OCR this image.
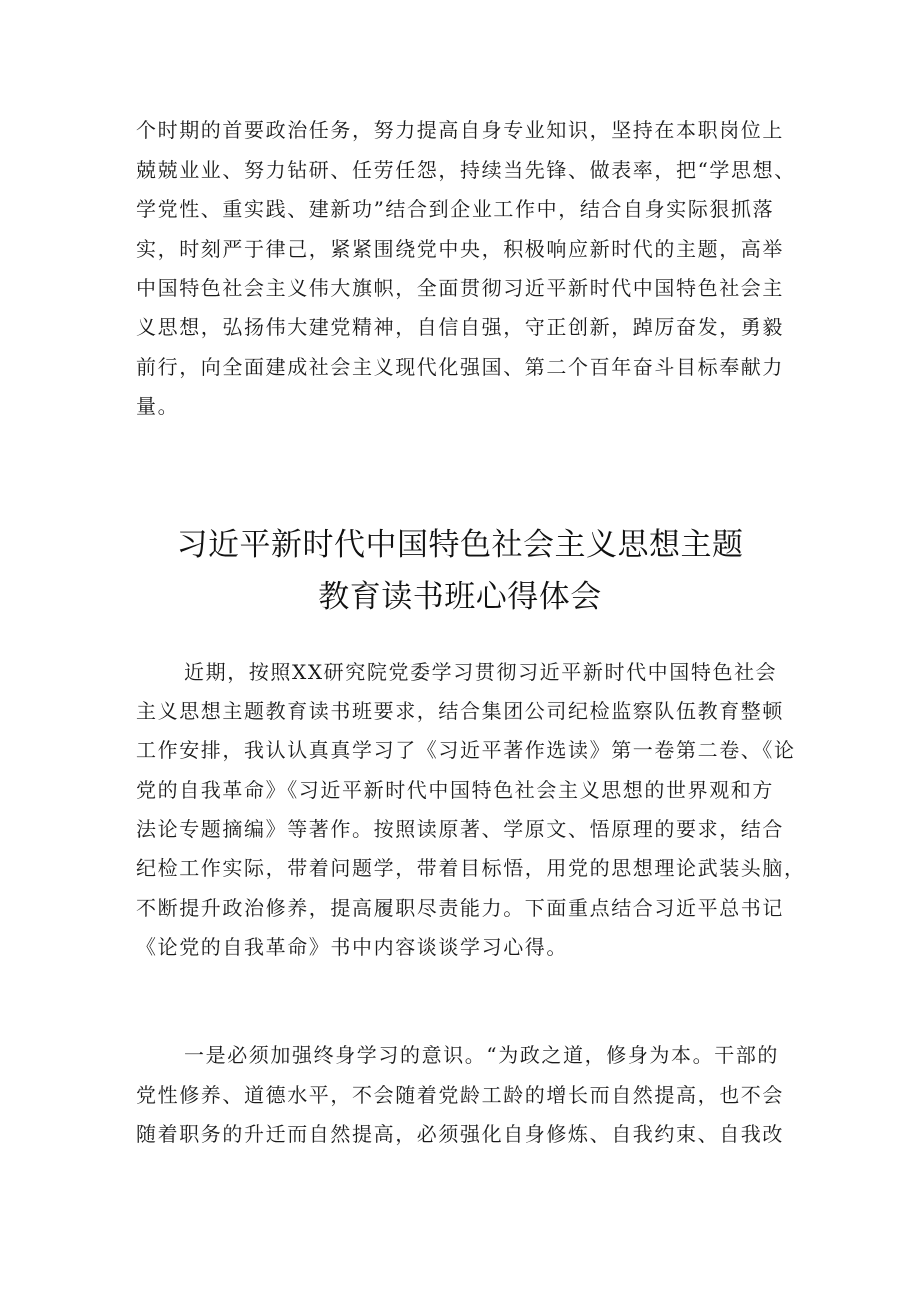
个时期的首要政治任务，努力提高自身专业知识，坚持在本职岗位上
兢兢业业、努力钻研、任劳任怨，持续当先锋、做表率，把“学思想、
学党性、重实践、建新功”结合到企业工作中，结合自身实际狠抓落
实，时刻严于律己，紧紧围绕党中央，积极响应新时代的主题，高举
中国特色社会主义伟大旗帜，全面贯彻习近平新时代中国特色社会主
义思想，弘扬伟大建党精神，自信自强，守正创新，踔厉奋发，勇毅
前行，向全面建成社会主义现代化强国、第二个百年奋斗目标奉献力
量。
习近平新时代中国特色社会主义思想主题
教育读书班心得体会
近期，按照XX研究院党委学习贯彻习近平新时代中国特色社会
主义思想主题教育读书班要求，结合集团公司纪检监察队伍教育整顿
工作安排，我认认真真学习了《习近平著作选读》第一卷第二卷、《论
党的自我革命》《习近平新时代中国特色社会主义思想的世界观和方
法论专题摘编》等著作。按照读原著、学原文、悟原理的要求，结合
纪检工作实际，带着问题学，带着目标悟，用党的思想理论武装头脑，
不断提升政治修养，提高履职尽责能力。下面重点结合习近平总书记
《论党的自我革命》书中内容谈谈学习心得。
一是必须加强终身学习的意识。“为政之道，修身为本。干部的
党性修养、道德水平，不会随着党龄工龄的增长而自然提高，也不会
随着职务的升迁而自然提高，必须强化自身修炼、自我约束、自我改
